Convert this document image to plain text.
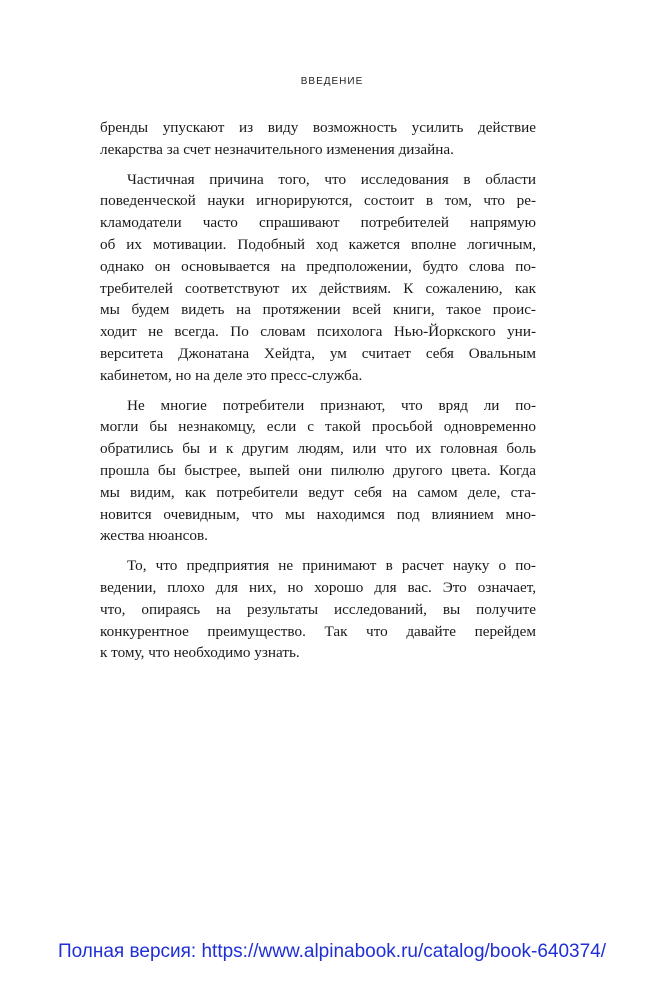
ВВЕДЕНИЕ

бренды упускают из виду возможность усилить действие
лекарства за счет незначительного изменения дизайна.

Частичная причина того, что исследования в области
поведенческой науки игнорируются, состоит в том, что ре-
кламодатели часто спрашивают потребителей напрямую
об их мотивации. Подобный ход кажется вполне логичным,
однако он основывается на предположении, будто слова по-
требителей соответствуют их действиям. К сожалению, как
мы будем видеть на протяжении всей книги, такое проис-
ходит не всегда. По словам психолога Нью-Йоркского уни-
верситета Джонатана Хейдта, ум считает себя Овальным
кабинетом, но на деле это пресс-служба.

Не многие потребители признают, что вряд ли по-
могли бы незнакомцу, если с такой просьбой одновременно
обратились бы и к другим людям, или что их головная боль
прошла бы быстрее, выпей они пилюлю другого цвета. Когда
мы видим, как потребители ведут себя на самом деле, ста-
новится очевидным, что мы находимся под влиянием мно-
жества нюансов.

То, что предприятия не принимают в расчет науку о по-
ведении, плохо для них, но хорошо для вас. Это означает,
что, опираясь на результаты исследований, вы получите
конкурентное преимущество. Так что давайте перейдем
к тому, что необходимо узнать.

Полная версия: https://www.alpinabook.ru/catalog/book-640374/
